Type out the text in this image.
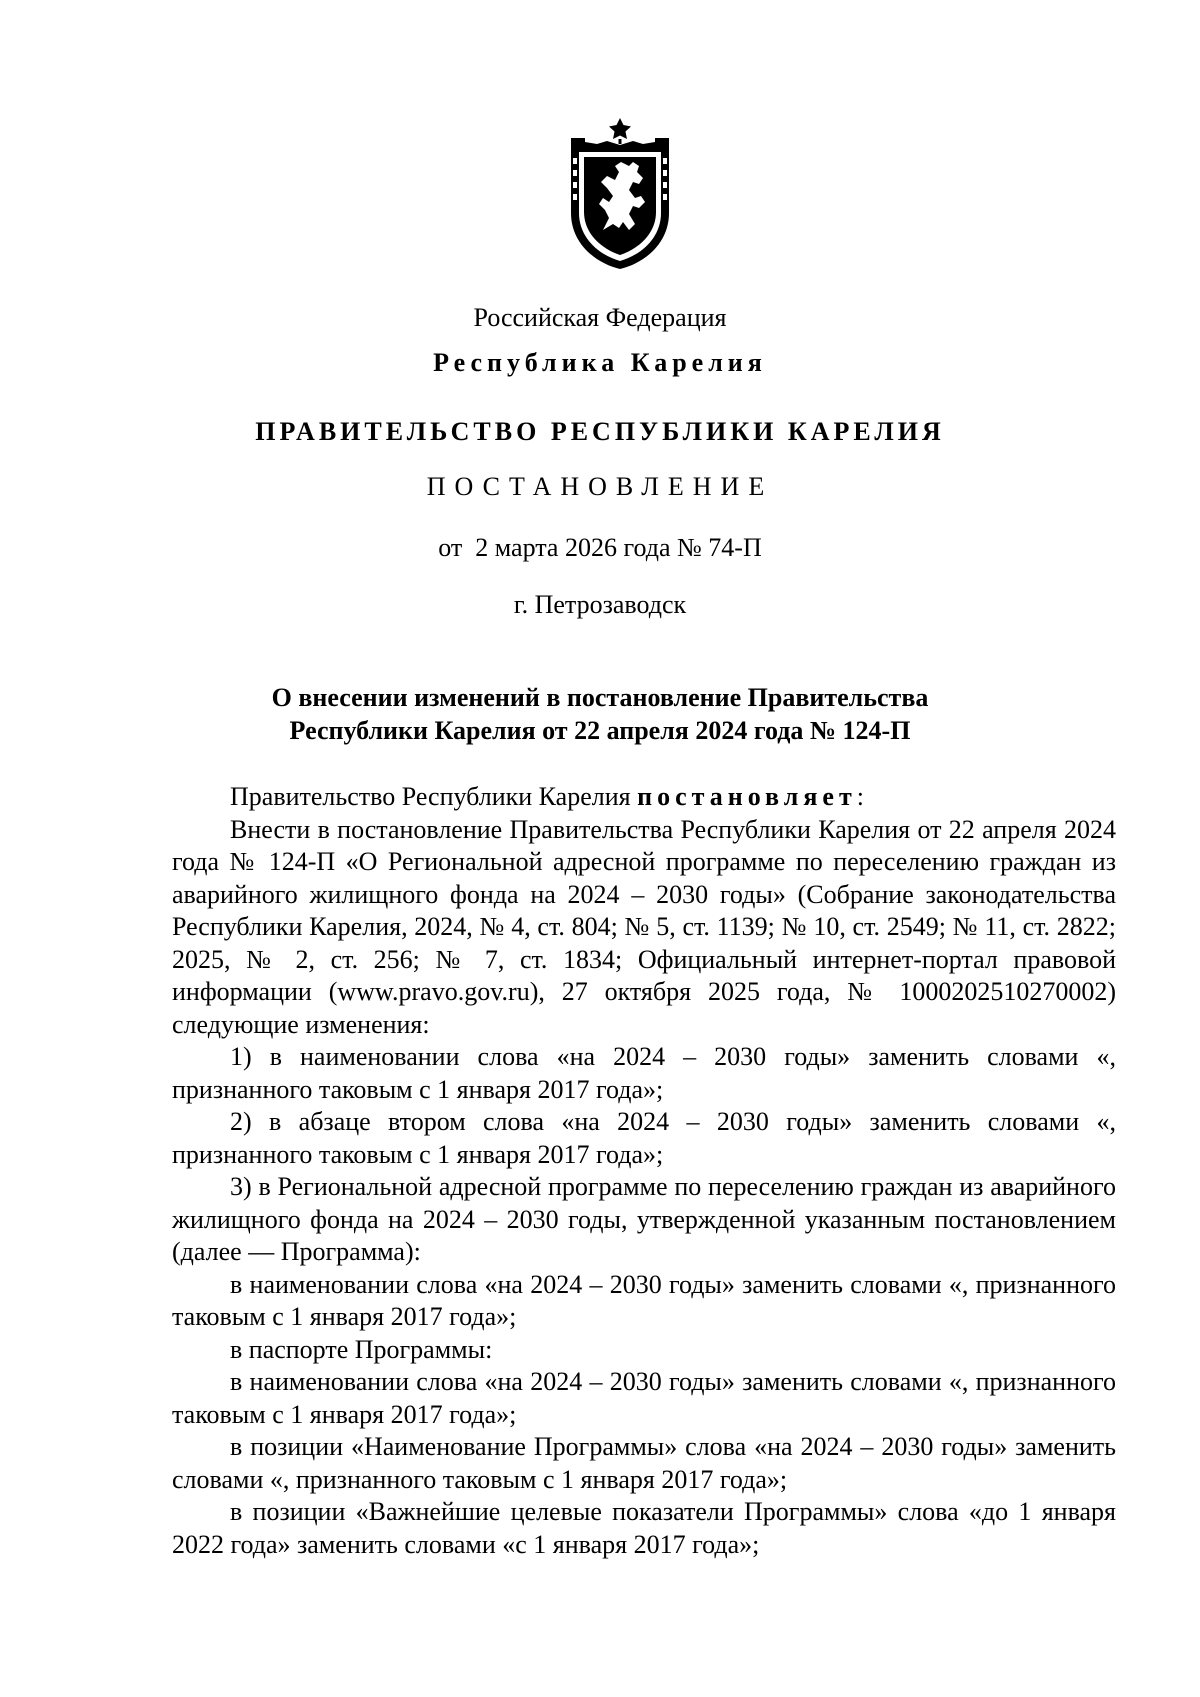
Российская Федерация
Республика Карелия
ПРАВИТЕЛЬСТВО РЕСПУБЛИКИ КАРЕЛИЯ
ПОСТАНОВЛЕНИЕ
от  2 марта 2026 года № 74-П
г. Петрозаводск
О внесении изменений в постановление Правительства
Республики Карелия от 22 апреля 2024 года № 124-П

Правительство Республики Карелия постановляет:

Внести в постановление Правительства Республики Карелия от 22 апреля 2024 года № 124-П «О Региональной адресной программе по переселению граждан из аварийного жилищного фонда на 2024 – 2030 годы» (Собрание законодательства Республики Карелия, 2024, № 4, ст. 804; № 5, ст. 1139; № 10, ст. 2549; № 11, ст. 2822; 2025, № 2, ст. 256; № 7, ст. 1834; Официальный интернет-портал правовой информации (www.pravo.gov.ru), 27 октября 2025 года, № 1000202510270002) следующие изменения:

1) в наименовании слова «на 2024 – 2030 годы» заменить словами «, признанного таковым с 1 января 2017 года»;

2) в абзаце втором слова «на 2024 – 2030 годы» заменить словами «, признанного таковым с 1 января 2017 года»;

3) в Региональной адресной программе по переселению граждан из аварийного жилищного фонда на 2024 – 2030 годы, утвержденной указанным постановлением (далее — Программа):

в наименовании слова «на 2024 – 2030 годы» заменить словами «, признанного таковым с 1 января 2017 года»;

в паспорте Программы:

в наименовании слова «на 2024 – 2030 годы» заменить словами «, признанного таковым с 1 января 2017 года»;

в позиции «Наименование Программы» слова «на 2024 – 2030 годы» заменить словами «, признанного таковым с 1 января 2017 года»;

в позиции «Важнейшие целевые показатели Программы» слова «до 1 января 2022 года» заменить словами «с 1 января 2017 года»;
